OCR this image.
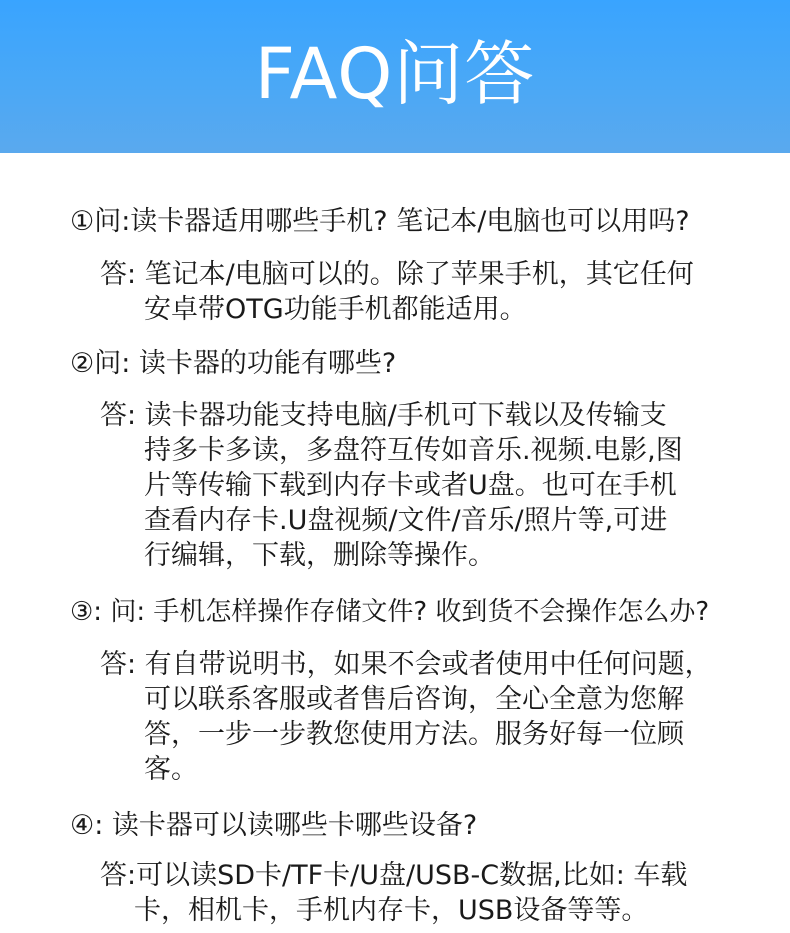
FAQ问答
①问:读卡器适用哪些手机? 笔记本/电脑也可以用吗?
答: 笔记本/电脑可以的。除了苹果手机，其它任何
安卓带OTG功能手机都能适用。
②问: 读卡器的功能有哪些?
答: 读卡器功能支持电脑/手机可下载以及传输支
持多卡多读，多盘符互传如音乐.视频.电影,图
片等传输下载到内存卡或者U盘。也可在手机
查看内存卡.U盘视频/文件/音乐/照片等,可进
行编辑，下载，删除等操作。
③: 问: 手机怎样操作存储文件? 收到货不会操作怎么办?
答: 有自带说明书，如果不会或者使用中任何问题，
可以联系客服或者售后咨询，全心全意为您解
答，一步一步教您使用方法。服务好每一位顾
客。
④: 读卡器可以读哪些卡哪些设备?
答:可以读SD卡/TF卡/U盘/USB-C数据,比如: 车载
卡，相机卡，手机内存卡，USB设备等等。
